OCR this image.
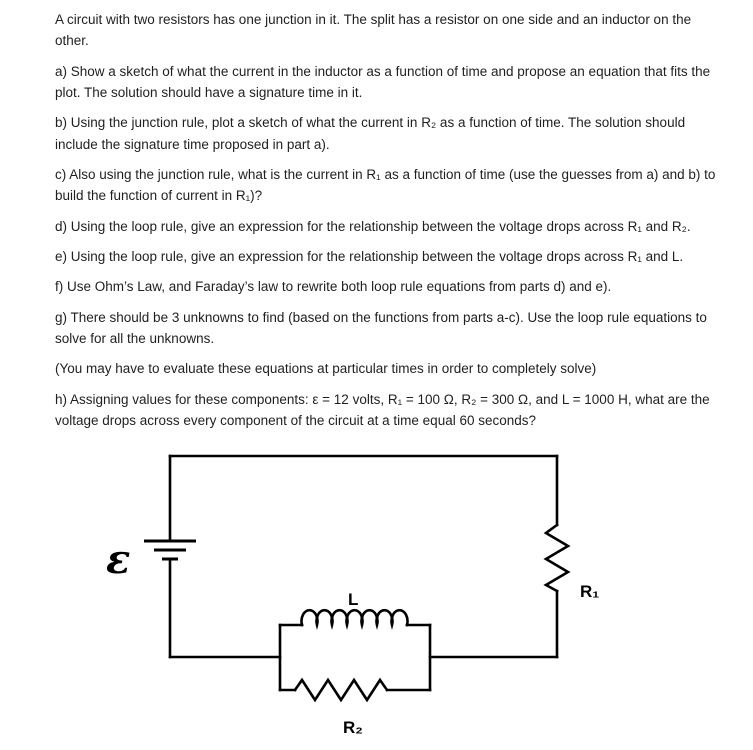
A circuit with two resistors has one junction in it. The split has a resistor on one side and an inductor on the other.

a) Show a sketch of what the current in the inductor as a function of time and propose an equation that fits the plot. The solution should have a signature time in it.

b) Using the junction rule, plot a sketch of what the current in R₂ as a function of time. The solution should include the signature time proposed in part a).

c) Also using the junction rule, what is the current in R₁ as a function of time (use the guesses from a) and b) to build the function of current in R₁)?

d) Using the loop rule, give an expression for the relationship between the voltage drops across R₁ and R₂.

e) Using the loop rule, give an expression for the relationship between the voltage drops across R₁ and L.

f) Use Ohm’s Law, and Faraday’s law to rewrite both loop rule equations from parts d) and e).

g) There should be 3 unknowns to find (based on the functions from parts a-c). Use the loop rule equations to solve for all the unknowns.

(You may have to evaluate these equations at particular times in order to completely solve)

h) Assigning values for these components: ε = 12 volts, R₁ = 100 Ω, R₂ = 300 Ω, and L = 1000 H, what are the voltage drops across every component of the circuit at a time equal 60 seconds?

ε
L
R₂
R₁
